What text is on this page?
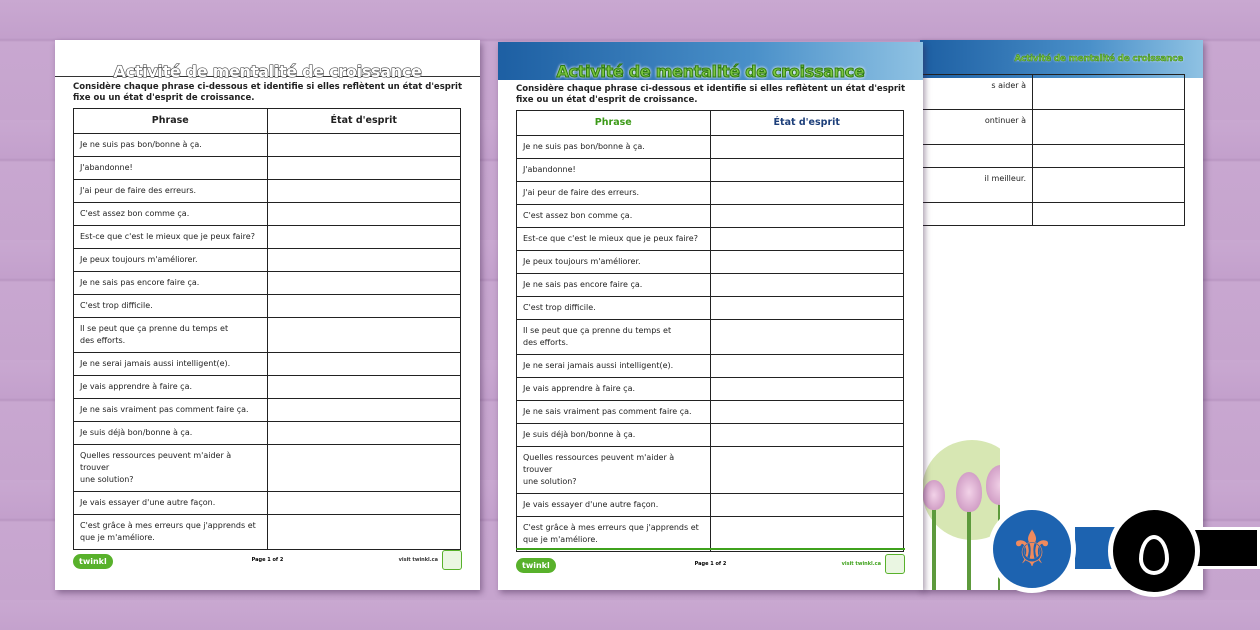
Activité de mentalité de croissance
s aider à	
ontinuer à	

il meilleur.	

Activité de mentalité de croissance
Considère chaque phrase ci-dessous et identifie si elles reflètent un état d'esprit fixe ou un état d'esprit de croissance.
Phrase	État d'esprit
Je ne suis pas bon/bonne à ça.	
J'abandonne!	
J'ai peur de faire des erreurs.	
C'est assez bon comme ça.	
Est-ce que c'est le mieux que je peux faire?	
Je peux toujours m'améliorer.	
Je ne sais pas encore faire ça.	
C'est trop difficile.	
Il se peut que ça prenne du temps et
des efforts.	
Je ne serai jamais aussi intelligent(e).	
Je vais apprendre à faire ça.	
Je ne sais vraiment pas comment faire ça.	
Je suis déjà bon/bonne à ça.	
Quelles ressources peuvent m'aider à trouver
une solution?	
Je vais essayer d'une autre façon.	
C'est grâce à mes erreurs que j'apprends et
que je m'améliore.	
twinkl	Page 1 of 2	visit twinkl.ca
Activité de mentalité de croissance
Considère chaque phrase ci-dessous et identifie si elles reflètent un état d'esprit fixe ou un état d'esprit de croissance.
Phrase	État d'esprit
Je ne suis pas bon/bonne à ça.	
J'abandonne!	
J'ai peur de faire des erreurs.	
C'est assez bon comme ça.	
Est-ce que c'est le mieux que je peux faire?	
Je peux toujours m'améliorer.	
Je ne sais pas encore faire ça.	
C'est trop difficile.	
Il se peut que ça prenne du temps et
des efforts.	
Je ne serai jamais aussi intelligent(e).	
Je vais apprendre à faire ça.	
Je ne sais vraiment pas comment faire ça.	
Je suis déjà bon/bonne à ça.	
Quelles ressources peuvent m'aider à trouver
une solution?	
Je vais essayer d'une autre façon.	
C'est grâce à mes erreurs que j'apprends et
que je m'améliore.	
twinkl	Page 1 of 2	visit twinkl.ca	⚜
